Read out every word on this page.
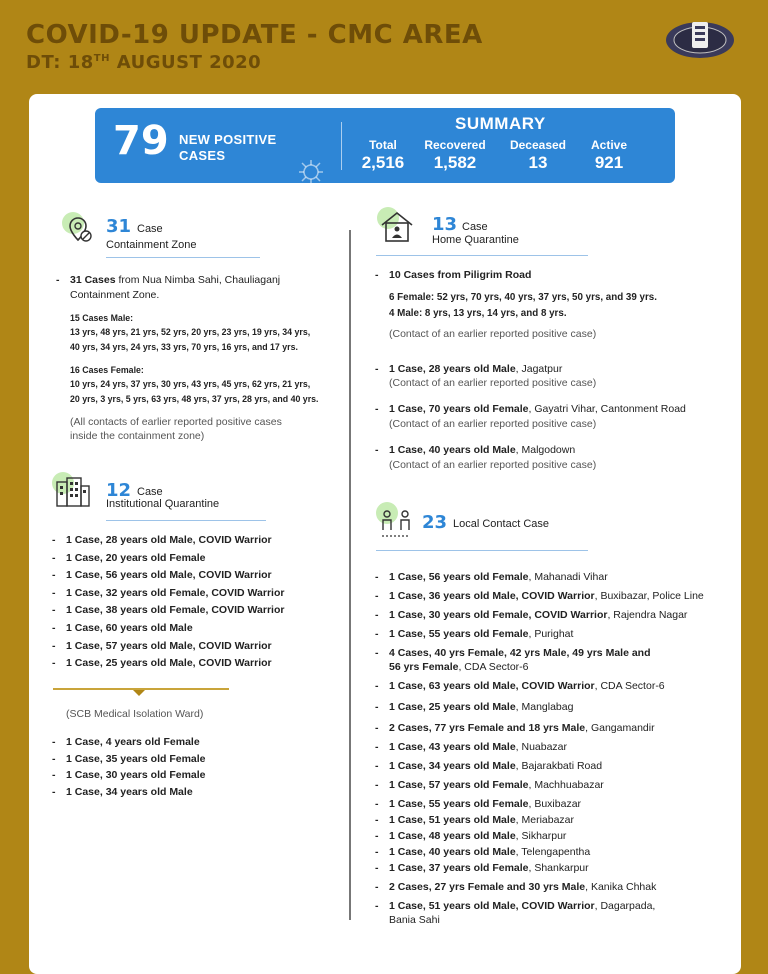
COVID-19 UPDATE - CMC AREA
DT: 18TH AUGUST 2020
79 NEW POSITIVE
CASES
SUMMARY
Total
2,516
Recovered
1,582
Deceased
13
Active
921
31 Case
Containment Zone
- 31 Cases from Nua Nimba Sahi, Chauliaganj
Containment Zone.
15 Cases Male:
13 yrs, 48 yrs, 21 yrs, 52 yrs, 20 yrs, 23 yrs, 19 yrs, 34 yrs,
40 yrs, 34 yrs, 24 yrs, 33 yrs, 70 yrs, 16 yrs, and 17 yrs.
16 Cases Female:
10 yrs, 24 yrs, 37 yrs, 30 yrs, 43 yrs, 45 yrs, 62 yrs, 21 yrs,
20 yrs, 3 yrs, 5 yrs, 63 yrs, 48 yrs, 37 yrs, 28 yrs, and 40 yrs.
(All contacts of earlier reported positive cases
inside the containment zone)
12 Case
Institutional Quarantine
- 1 Case, 28 years old Male, COVID Warrior
- 1 Case, 20 years old Female
- 1 Case, 56 years old Male, COVID Warrior
- 1 Case, 32 years old Female, COVID Warrior
- 1 Case, 38 years old Female, COVID Warrior
- 1 Case, 60 years old Male
- 1 Case, 57 years old Male, COVID Warrior
- 1 Case, 25 years old Male, COVID Warrior
(SCB Medical Isolation Ward)
- 1 Case, 4 years old Female
- 1 Case, 35 years old Female
- 1 Case, 30 years old Female
- 1 Case, 34 years old Male
13 Case
Home Quarantine
- 10 Cases from Piligrim Road
6 Female: 52 yrs, 70 yrs, 40 yrs, 37 yrs, 50 yrs, and 39 yrs.
4 Male: 8 yrs, 13 yrs, 14 yrs, and 8 yrs.
(Contact of an earlier reported positive case)
- 1 Case, 28 years old Male, Jagatpur
(Contact of an earlier reported positive case)
- 1 Case, 70 years old Female, Gayatri Vihar, Cantonment Road
(Contact of an earlier reported positive case)
- 1 Case, 40 years old Male, Malgodown
(Contact of an earlier reported positive case)
23 Local Contact Case
- 1 Case, 56 years old Female, Mahanadi Vihar
- 1 Case, 36 years old Male, COVID Warrior, Buxibazar, Police Line
- 1 Case, 30 years old Female, COVID Warrior, Rajendra Nagar
- 1 Case, 55 years old Female, Purighat
- 4 Cases, 40 yrs Female, 42 yrs Male, 49 yrs Male and
56 yrs Female, CDA Sector-6
- 1 Case, 63 years old Male, COVID Warrior, CDA Sector-6
- 1 Case, 25 years old Male, Manglabag
- 2 Cases, 77 yrs Female and 18 yrs Male, Gangamandir
- 1 Case, 43 years old Male, Nuabazar
- 1 Case, 34 years old Male, Bajarakbati Road
- 1 Case, 57 years old Female, Machhuabazar
- 1 Case, 55 years old Female, Buxibazar
- 1 Case, 51 years old Male, Meriabazar
- 1 Case, 48 years old Male, Sikharpur
- 1 Case, 40 years old Male, Telengapentha
- 1 Case, 37 years old Female, Shankarpur
- 2 Cases, 27 yrs Female and 30 yrs Male, Kanika Chhak
- 1 Case, 51 years old Male, COVID Warrior, Dagarpada,
Bania Sahi
